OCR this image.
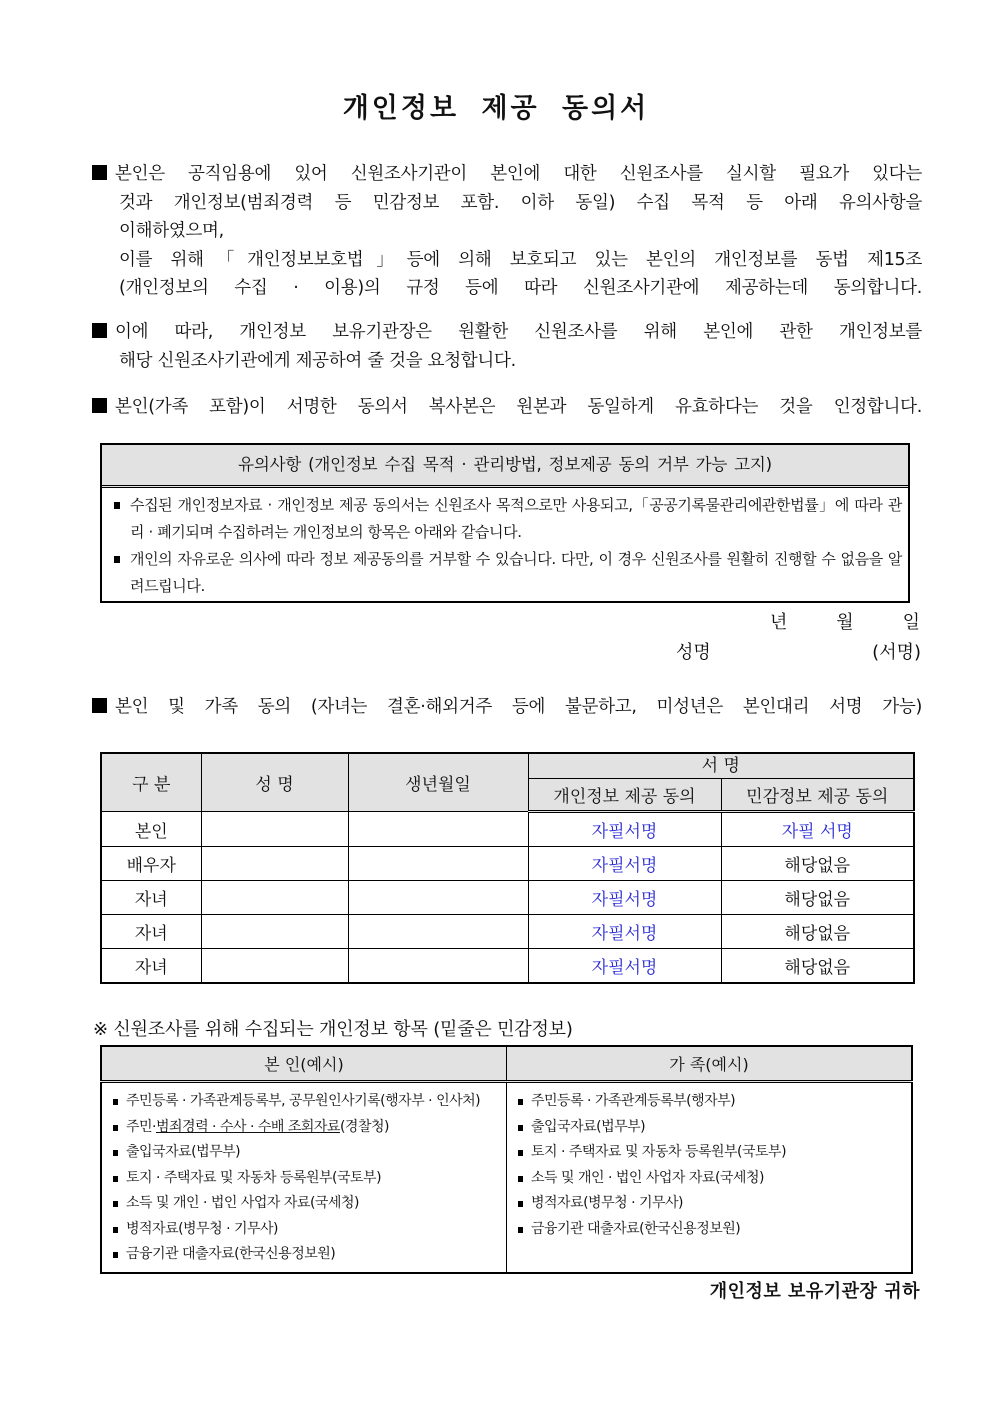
개인정보 제공 동의서
본인은 공직임용에 있어 신원조사기관이 본인에 대한 신원조사를 실시할 필요가 있다는
것과 개인정보(범죄경력 등 민감정보 포함. 이하 동일) 수집 목적 등 아래 유의사항을
이해하였으며,
이를 위해「개인정보보호법」등에 의해 보호되고 있는 본인의 개인정보를 동법 제15조
(개인정보의 수집 · 이용)의 규정 등에 따라 신원조사기관에 제공하는데 동의합니다.
이에 따라, 개인정보 보유기관장은 원활한 신원조사를 위해 본인에 관한 개인정보를
해당 신원조사기관에게 제공하여 줄 것을 요청합니다.
본인(가족 포함)이 서명한 동의서 복사본은 원본과 동일하게 유효하다는 것을 인정합니다.
유의사항 (개인정보 수집 목적 · 관리방법, 정보제공 동의 거부 가능 고지)
수집된 개인정보자료 · 개인정보 제공 동의서는 신원조사 목적으로만 사용되고,「공공기록물관리에관한법률」에 따라 관리 · 폐기되며 수집하려는 개인정보의 항목은 아래와 같습니다.
개인의 자유로운 의사에 따라 정보 제공동의를 거부할 수 있습니다. 다만, 이 경우 신원조사를 원활히 진행할 수 없음을 알려드립니다.
년	월	일
성명	(서명)
본인 및 가족 동의 (자녀는 결혼·해외거주 등에 불문하고, 미성년은 본인대리 서명 가능)
구 분	성 명	생년월일	서 명	
			개인정보 제공 동의	민감정보 제공 동의
본인			자필서명	자필 서명
배우자			자필서명	해당없음
자녀			자필서명	해당없음
자녀			자필서명	해당없음
자녀			자필서명	해당없음
※ 신원조사를 위해 수집되는 개인정보 항목 (밑줄은 민감정보)
본 인(예시)	가 족(예시)

주민등록 · 가족관계등록부, 공무원인사기록(행자부 · 인사처)
주민·범죄경력 · 수사 · 수배 조회자료(경찰청)
출입국자료(법무부)
토지 · 주택자료 및 자동차 등록원부(국토부)
소득 및 개인 · 법인 사업자 자료(국세청)
병적자료(병무청 · 기무사)
금융기관 대출자료(한국신용정보원)

주민등록 · 가족관계등록부(행자부)
출입국자료(법무부)
토지 · 주택자료 및 자동차 등록원부(국토부)
소득 및 개인 · 법인 사업자 자료(국세청)
병적자료(병무청 · 기무사)
금융기관 대출자료(한국신용정보원)
개인정보 보유기관장 귀하
